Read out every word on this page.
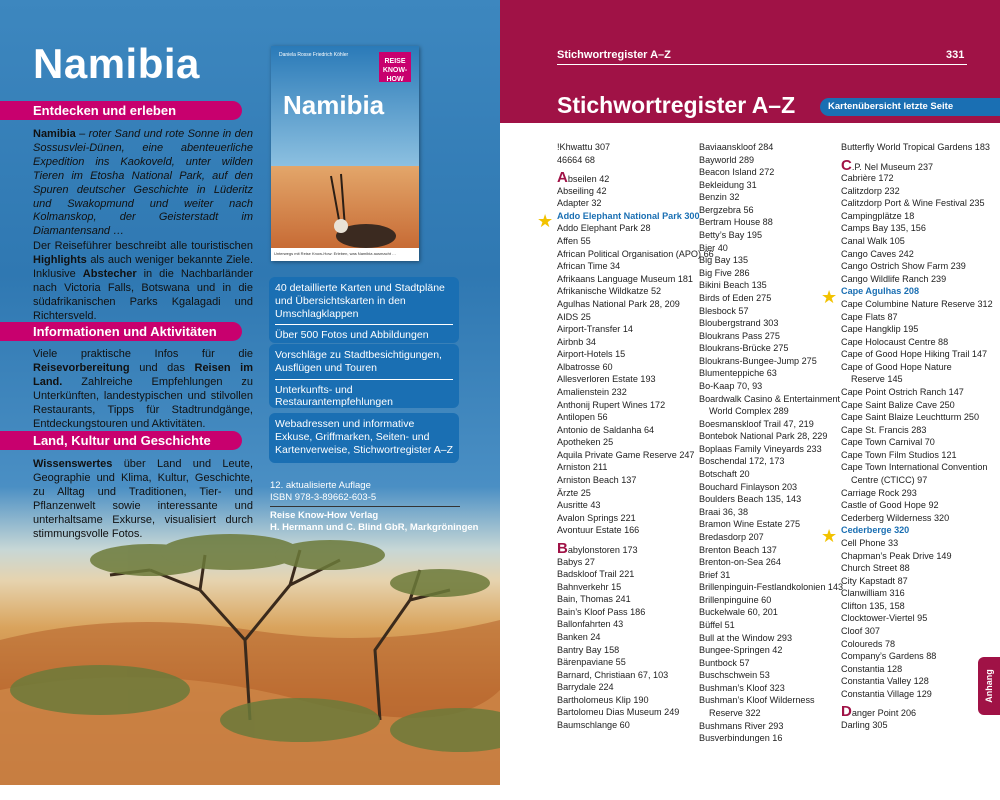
Namibia
Entdecken und erleben
Namibia – roter Sand und rote Sonne in den Sossusvlei-Dünen, eine abenteuerliche Expedition ins Kaokoveld, unter wilden Tieren im Etosha National Park, auf den Spuren deutscher Geschichte in Lüderitz und Swakopmund und weiter nach Kolmanskop, der Geisterstadt im Diamantensand …
Der Reiseführer beschreibt alle touristischen Highlights als auch weniger bekannte Ziele. Inklusive Abstecher in die Nachbarländer nach Victoria Falls, Botswana und in die südafrikanischen Parks Kgalagadi und Richtersveld.
Informationen und Aktivitäten
Viele praktische Infos für die Reisevorbereitung und das Reisen im Land. Zahlreiche Empfehlungen zu Unterkünften, landestypischen und stilvollen Restaurants, Tipps für Stadtrundgänge, Entdeckungstouren und Aktivitäten.
Land, Kultur und Geschichte
Wissenswertes über Land und Leute, Geographie und Klima, Kultur, Geschichte, zu Alltag und Traditionen, Tier- und Pflanzenwelt sowie interessante und unterhaltsame Exkurse, visualisiert durch stimmungsvolle Fotos.
Daniela Rosse Friedrich Köhler
REISE KNOW-HOW
Namibia
Unterwegs mit Reise Know-How: Erleben, was Namibia ausmacht …
40 detaillierte Karten und Stadtpläne und Übersichtskarten in den Umschlagklappen
Über 500 Fotos und Abbildungen
Vorschläge zu Stadtbesichtigungen, Ausflügen und Touren
Unterkunfts- und Restaurantempfehlungen
Webadressen und informative Exkuse, Griffmarken, Seiten- und Kartenverweise, Stichwortregister A–Z
12. aktualisierte Auflage
ISBN 978-3-89662-603-5
Reise Know-How Verlag
H. Hermann und C. Blind GbR, Markgröningen
Stichwortregister A–Z	331
Stichwortregister A–Z	Kartenübersicht letzte Seite
!Khwattu 307
46664 68
Abseilen 42
Abseiling 42
Adapter 32
Addo Elephant National Park 300
Addo Elephant Park 28
Affen 55
African Political Organisation (APO) 66
African Time 34
Afrikaans Language Museum 181
Afrikanische Wildkatze 52
Agulhas National Park 28, 209
AIDS 25
Airport-Transfer 14
Airbnb 34
Airport-Hotels 15
Albatrosse 60
Allesverloren Estate 193
Amalienstein 232
Anthonij Rupert Wines 172
Antilopen 56
Antonio de Saldanha 64
Apotheken 25
Aquila Private Game Reserve 247
Arniston 211
Arniston Beach 137
Ärzte 25
Ausritte 43
Avalon Springs 221
Avontuur Estate 166
Babylonstoren 173
Babys 27
Badskloof Trail 221
Bahnverkehr 15
Bain, Thomas 241
Bain’s Kloof Pass 186
Ballonfahrten 43
Banken 24
Bantry Bay 158
Bärenpaviane 55
Barnard, Christiaan 67, 103
Barrydale 224
Bartholomeus Klip 190
Bartolomeu Dias Museum 249
Baumschlange 60
Baviaanskloof 284
Bayworld 289
Beacon Island 272
Bekleidung 31
Benzin 32
Bergzebra 56
Bertram House 88
Betty’s Bay 195
Bier 40
Big Bay 135
Big Five 286
Bikini Beach 135
Birds of Eden 275
Blesbock 57
Bloubergstrand 303
Bloukrans Pass 275
Bloukrans-Brücke 275
Bloukrans-Bungee-Jump 275
Blumenteppiche 63
Bo-Kaap 70, 93
Boardwalk Casino & Entertainment
World Complex 289
Boesmanskloof Trail 47, 219
Bontebok National Park 28, 229
Boplaas Family Vineyards 233
Boschendal 172, 173
Botschaft 20
Bouchard Finlayson 203
Boulders Beach 135, 143
Braai 36, 38
Bramon Wine Estate 275
Bredasdorp 207
Brenton Beach 137
Brenton-on-Sea 264
Brief 31
Brillenpinguin-Festlandkolonien 143
Brillenpinguine 60
Buckelwale 60, 201
Büffel 51
Bull at the Window 293
Bungee-Springen 42
Buntbock 57
Buschschwein 53
Bushman’s Kloof 323
Bushman’s Kloof Wilderness
Reserve 322
Bushmans River 293
Busverbindungen 16
Butterfly World Tropical Gardens 183
C.P. Nel Museum 237
Cabrière 172
Calitzdorp 232
Calitzdorp Port & Wine Festival 235
Campingplätze 18
Camps Bay 135, 156
Canal Walk 105
Cango Caves 242
Cango Ostrich Show Farm 239
Cango Wildlife Ranch 239
Cape Agulhas 208
Cape Columbine Nature Reserve 312
Cape Flats 87
Cape Hangklip 195
Cape Holocaust Centre 88
Cape of Good Hope Hiking Trail 147
Cape of Good Hope Nature
Reserve 145
Cape Point Ostrich Ranch 147
Cape Saint Balize Cave 250
Cape Saint Blaize Leuchtturm 250
Cape St. Francis 283
Cape Town Carnival 70
Cape Town Film Studios 121
Cape Town International Convention
Centre (CTICC) 97
Carriage Rock 293
Castle of Good Hope 92
Cederberg Wilderness 320
Cederberge 320
Cell Phone 33
Chapman’s Peak Drive 149
Church Street 88
City Kapstadt 87
Clanwilliam 316
Clifton 135, 158
Clocktower-Viertel 95
Cloof 307
Coloureds 78
Company’s Gardens 88
Constantia 128
Constantia Valley 128
Constantia Village 129
Danger Point 206
Darling 305
Anhang
★
★
★
